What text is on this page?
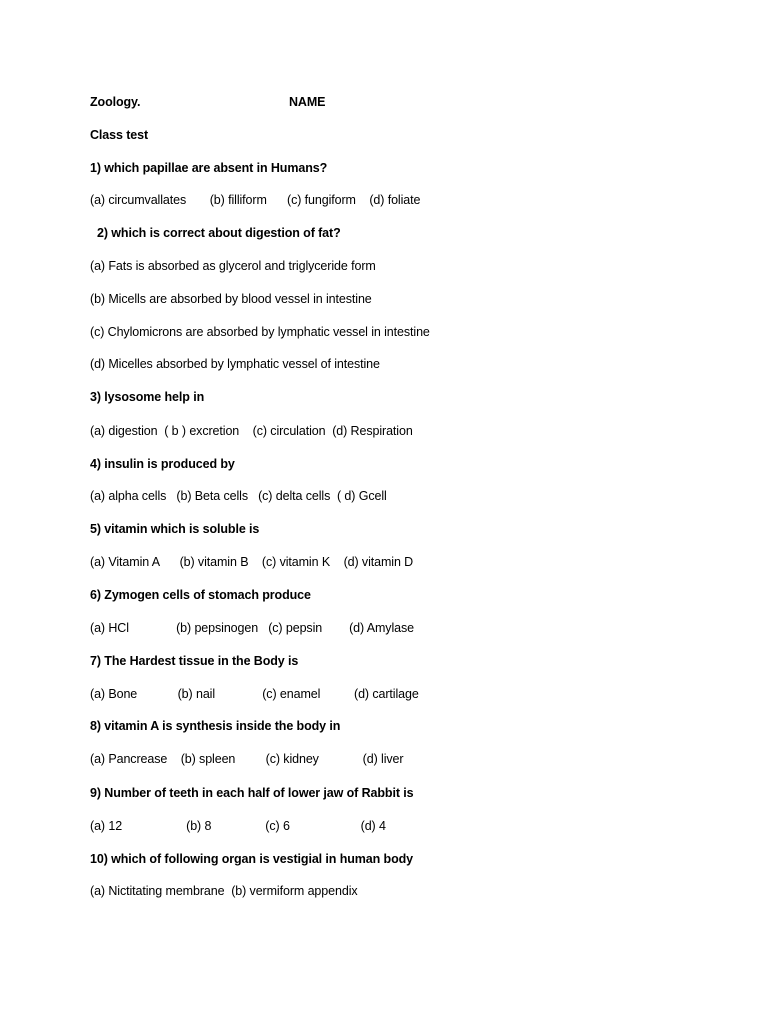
Zoology.	NAME
Class test
1) which papillae are absent in Humans?
(a) circumvallates       (b) filliform      (c) fungiform    (d) foliate
2) which is correct about digestion of fat?
(a) Fats is absorbed as glycerol and triglyceride form
(b) Micells are absorbed by blood vessel in intestine
(c) Chylomicrons are absorbed by lymphatic vessel in intestine
(d) Micelles absorbed by lymphatic vessel of intestine
3) lysosome help in
(a) digestion  ( b ) excretion    (c) circulation  (d) Respiration
4) insulin is produced by
(a) alpha cells   (b) Beta cells   (c) delta cells  ( d) Gcell
5) vitamin which is soluble is
(a) Vitamin A      (b) vitamin B    (c) vitamin K    (d) vitamin D
6) Zymogen cells of stomach produce
(a) HCl              (b) pepsinogen   (c) pepsin        (d) Amylase
7) The Hardest tissue in the Body is
(a) Bone            (b) nail              (c) enamel          (d) cartilage
8) vitamin A is synthesis inside the body in
(a) Pancrease    (b) spleen         (c) kidney             (d) liver
9) Number of teeth in each half of lower jaw of Rabbit is
(a) 12                   (b) 8                (c) 6                     (d) 4
10) which of following organ is vestigial in human body
(a) Nictitating membrane  (b) vermiform appendix
